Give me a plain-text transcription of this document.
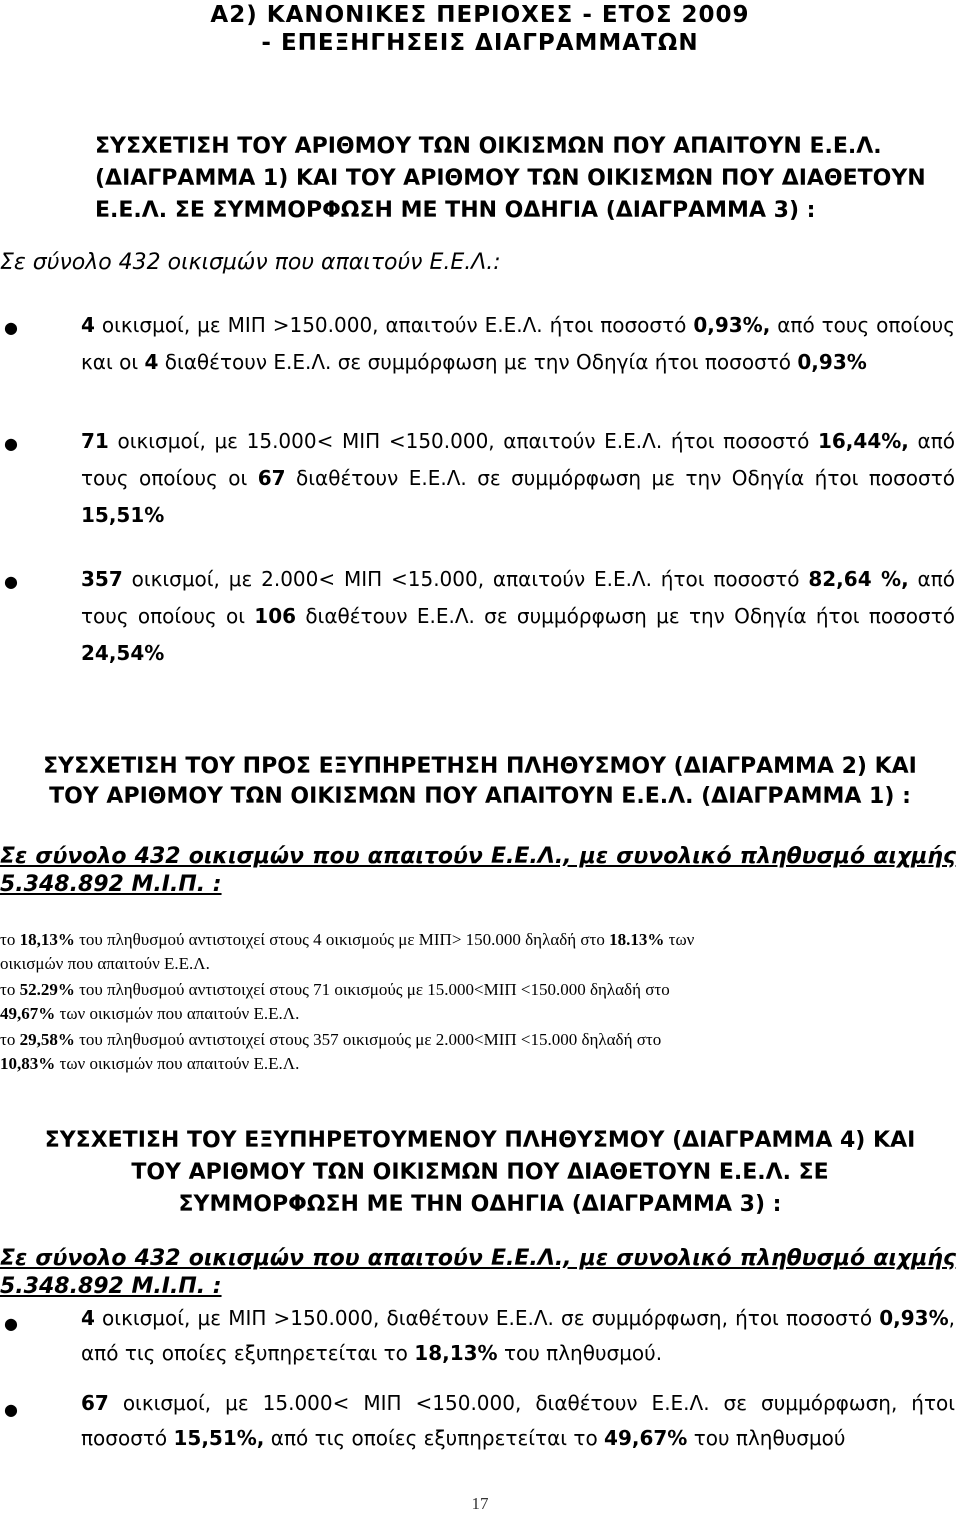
A2) ΚΑΝΟΝΙΚΕΣ ΠΕΡΙΟΧΕΣ - ΕΤΟΣ 2009
- ΕΠΕΞΗΓΗΣΕΙΣ ΔΙΑΓΡΑΜΜΑΤΩΝ
ΣΥΣΧΕΤΙΣΗ ΤΟΥ ΑΡΙΘΜΟΥ ΤΩΝ ΟΙΚΙΣΜΩΝ ΠΟΥ ΑΠΑΙΤΟΥΝ Ε.Ε.Λ.
(ΔΙΑΓΡΑΜΜΑ 1) ΚΑΙ ΤΟΥ ΑΡΙΘΜΟΥ ΤΩΝ ΟΙΚΙΣΜΩΝ ΠΟΥ ΔΙΑΘΕΤΟΥΝ
Ε.Ε.Λ. ΣΕ ΣΥΜΜΟΡΦΩΣΗ ΜΕ ΤΗΝ ΟΔΗΓΙΑ (ΔΙΑΓΡΑΜΜΑ 3) :
Σε σύνολο 432 οικισμών που απαιτούν Ε.Ε.Λ.:
●	4 οικισμοί, με ΜΙΠ >150.000, απαιτούν Ε.Ε.Λ. ήτοι ποσοστό 0,93%, από τους οποίους και οι 4 διαθέτουν Ε.Ε.Λ. σε συμμόρφωση με την Οδηγία ήτοι ποσοστό 0,93%
●	71 οικισμοί, με 15.000< ΜΙΠ <150.000, απαιτούν Ε.Ε.Λ. ήτοι ποσοστό 16,44%, από τους οποίους οι 67 διαθέτουν Ε.Ε.Λ. σε συμμόρφωση με την Οδηγία ήτοι ποσοστό 15,51%
●	357 οικισμοί, με 2.000< ΜΙΠ <15.000, απαιτούν Ε.Ε.Λ. ήτοι ποσοστό 82,64 %, από τους οποίους οι 106 διαθέτουν Ε.Ε.Λ. σε συμμόρφωση με την Οδηγία ήτοι ποσοστό 24,54%
ΣΥΣΧΕΤΙΣΗ ΤΟΥ ΠΡΟΣ ΕΞΥΠΗΡΕΤΗΣΗ ΠΛΗΘΥΣΜΟΥ (ΔΙΑΓΡΑΜΜΑ 2) ΚΑΙ
ΤΟΥ ΑΡΙΘΜΟΥ ΤΩΝ ΟΙΚΙΣΜΩΝ ΠΟΥ ΑΠΑΙΤΟΥΝ Ε.Ε.Λ. (ΔΙΑΓΡΑΜΜΑ 1) :
Σε σύνολο 432 οικισμών που απαιτούν Ε.Ε.Λ., με συνολικό πληθυσμό αιχμής
5.348.892 Μ.Ι.Π. :
το 18,13% του πληθυσμού αντιστοιχεί στους 4 οικισμούς με ΜΙΠ> 150.000 δηλαδή στο 18.13% των
οικισμών που απαιτούν Ε.Ε.Λ.
το 52.29% του πληθυσμού αντιστοιχεί στους 71 οικισμούς με 15.000<ΜΙΠ <150.000 δηλαδή στο
49,67% των οικισμών που απαιτούν Ε.Ε.Λ.
το 29,58% του πληθυσμού αντιστοιχεί στους 357 οικισμούς με 2.000<ΜΙΠ <15.000 δηλαδή στο
10,83% των οικισμών που απαιτούν Ε.Ε.Λ.
ΣΥΣΧΕΤΙΣΗ ΤΟΥ ΕΞΥΠΗΡΕΤΟΥΜΕΝΟΥ ΠΛΗΘΥΣΜΟΥ (ΔΙΑΓΡΑΜΜΑ 4) ΚΑΙ
ΤΟΥ ΑΡΙΘΜΟΥ ΤΩΝ ΟΙΚΙΣΜΩΝ ΠΟΥ ΔΙΑΘΕΤΟΥΝ Ε.Ε.Λ. ΣΕ
ΣΥΜΜΟΡΦΩΣΗ ΜΕ ΤΗΝ ΟΔΗΓΙΑ (ΔΙΑΓΡΑΜΜΑ 3) :
Σε σύνολο 432 οικισμών που απαιτούν Ε.Ε.Λ., με συνολικό πληθυσμό αιχμής
5.348.892 Μ.Ι.Π. :
●	4 οικισμοί, με ΜΙΠ >150.000, διαθέτουν Ε.Ε.Λ. σε συμμόρφωση, ήτοι ποσοστό 0,93%, από τις οποίες εξυπηρετείται το 18,13% του πληθυσμού.
●	67 οικισμοί, με 15.000< ΜΙΠ <150.000, διαθέτουν Ε.Ε.Λ. σε συμμόρφωση, ήτοι ποσοστό 15,51%, από τις οποίες εξυπηρετείται το 49,67% του πληθυσμού
17
